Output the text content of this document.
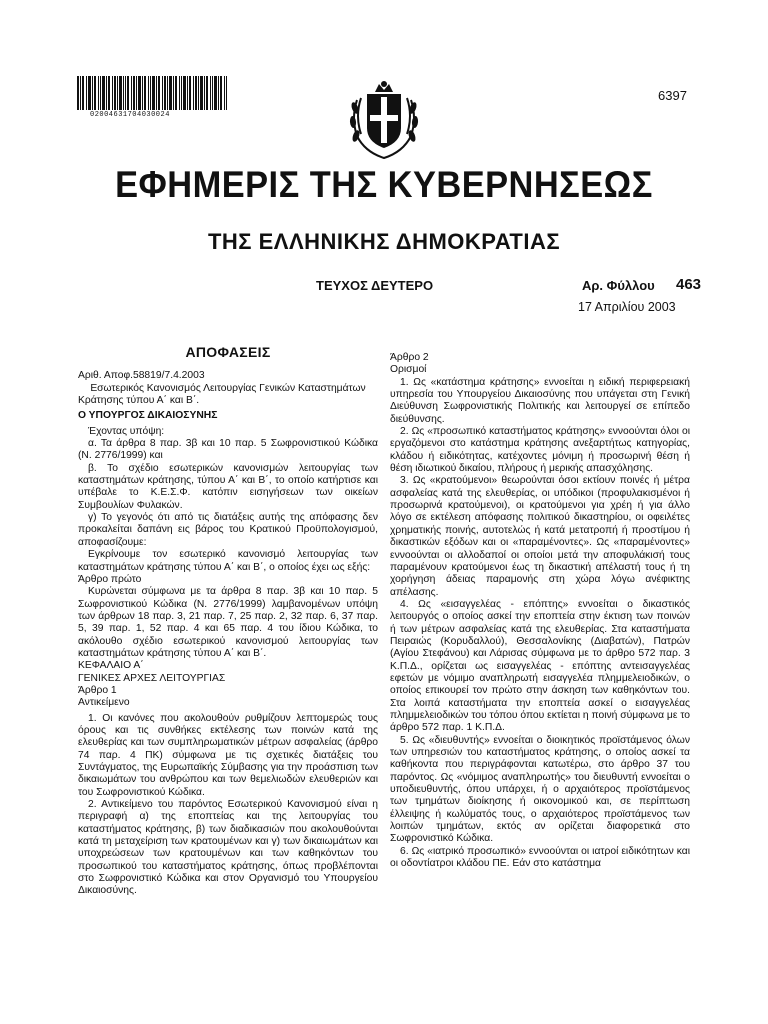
02004631704030024
6397
ΕΦΗΜΕΡΙΣ ΤΗΣ ΚΥΒΕΡΝΗΣΕΩΣ
ΤΗΣ ΕΛΛΗΝΙΚΗΣ ΔΗΜΟΚΡΑΤΙΑΣ
ΤΕΥΧΟΣ ΔΕΥΤΕΡΟ	Αρ. Φύλλου 463
17 Απριλίου 2003
ΑΠΟΦΑΣΕΙΣ

Αριθ. Αποφ.58819/7.4.2003

Εσωτερικός Κανονισμός Λειτουργίας Γενικών Καταστημάτων Κράτησης τύπου Α΄ και Β΄.

Ο ΥΠΟΥΡΓΟΣ ΔΙΚΑΙΟΣΥΝΗΣ

Έχοντας υπόψη:

α. Τα άρθρα 8 παρ. 3β και 10 παρ. 5 Σωφρονιστικού Κώδικα (Ν. 2776/1999) και

β. Το σχέδιο εσωτερικών κανονισμών λειτουργίας των καταστημάτων κράτησης, τύπου Α΄ και Β΄, το οποίο κατήρτισε και υπέβαλε το Κ.Ε.Σ.Φ. κατόπιν εισηγήσεων των οικείων Συμβουλίων Φυλακών.

γ) Το γεγονός ότι από τις διατάξεις αυτής της απόφασης δεν προκαλείται δαπάνη εις βάρος του Κρατικού Προϋπολογισμού, αποφασίζουμε:

Εγκρίνουμε τον εσωτερικό κανονισμό λειτουργίας των καταστημάτων κράτησης τύπου Α΄ και Β΄, ο οποίος έχει ως εξής:

Άρθρο πρώτο

Κυρώνεται σύμφωνα με τα άρθρα 8 παρ. 3β και 10 παρ. 5 Σωφρονιστικού Κώδικα (Ν. 2776/1999) λαμβανομένων υπόψη των άρθρων 18 παρ. 3, 21 παρ. 7, 25 παρ. 2, 32 παρ. 6, 37 παρ. 5, 39 παρ. 1, 52 παρ. 4 και 65 παρ. 4 του ίδιου Κώδικα, το ακόλουθο σχέδιο εσωτερικού κανονισμού λειτουργίας των καταστημάτων κράτησης τύπου Α΄ και Β΄.

ΚΕΦΑΛΑΙΟ Α΄

ΓΕΝΙΚΕΣ ΑΡΧΕΣ ΛΕΙΤΟΥΡΓΙΑΣ

Άρθρο 1

Αντικείμενο

1. Οι κανόνες που ακολουθούν ρυθμίζουν λεπτομερώς τους όρους και τις συνθήκες εκτέλεσης των ποινών κατά της ελευθερίας και των συμπληρωματικών μέτρων ασφαλείας (άρθρο 74 παρ. 4 ΠΚ) σύμφωνα με τις σχετικές διατάξεις του Συντάγματος, της Ευρωπαϊκής Σύμβασης για την προάσπιση των δικαιωμάτων του ανθρώπου και των θεμελιωδών ελευθεριών και του Σωφρονιστικού Κώδικα.

2. Αντικείμενο του παρόντος Εσωτερικού Κανονισμού είναι η περιγραφή α) της εποπτείας και της λειτουργίας του καταστήματος κράτησης, β) των διαδικασιών που ακολουθούνται κατά τη μεταχείριση των κρατουμένων και γ) των δικαιωμάτων και υποχρεώσεων των κρατουμένων και των καθηκόντων του προσωπικού του καταστήματος κράτησης, όπως προβλέπονται στο Σωφρονιστικό Κώδικα και στον Οργανισμό του Υπουργείου Δικαιοσύνης.

Άρθρο 2

Ορισμοί

1. Ως «κατάστημα κράτησης» εννοείται η ειδική περιφερειακή υπηρεσία του Υπουργείου Δικαιοσύνης που υπάγεται στη Γενική Διεύθυνση Σωφρονιστικής Πολιτικής και λειτουργεί σε επίπεδο διεύθυνσης.

2. Ως «προσωπικό καταστήματος κράτησης» εννοούνται όλοι οι εργαζόμενοι στο κατάστημα κράτησης ανεξαρτήτως κατηγορίας, κλάδου ή ειδικότητας, κατέχοντες μόνιμη ή προσωρινή θέση ή θέση ιδιωτικού δικαίου, πλήρους ή μερικής απασχόλησης.

3. Ως «κρατούμενοι» θεωρούνται όσοι εκτίουν ποινές ή μέτρα ασφαλείας κατά της ελευθερίας, οι υπόδικοι (προφυλακισμένοι ή προσωρινά κρατούμενοι), οι κρατούμενοι για χρέη ή για άλλο λόγο σε εκτέλεση απόφασης πολιτικού δικαστηρίου, οι οφειλέτες χρηματικής ποινής, αυτοτελώς ή κατά μετατροπή ή προστίμου ή δικαστικών εξόδων και οι «παραμένοντες». Ως «παραμένοντες» εννοούνται οι αλλοδαποί οι οποίοι μετά την αποφυλάκισή τους παραμένουν κρατούμενοι έως τη δικαστική απέλαστή τους ή τη χορήγηση άδειας παραμονής στη χώρα λόγω ανέφικτης απέλασης.

4. Ως «εισαγγελέας - επόπτης» εννοείται ο δικαστικός λειτουργός ο οποίος ασκεί την εποπτεία στην έκτιση των ποινών ή των μέτρων ασφαλείας κατά της ελευθερίας. Στα καταστήματα Πειραιώς (Κορυδαλλού), Θεσσαλονίκης (Διαβατών), Πατρών (Αγίου Στεφάνου) και Λάρισας σύμφωνα με το άρθρο 572 παρ. 3 Κ.Π.Δ., ορίζεται ως εισαγγελέας - επόπτης αντεισαγγελέας εφετών με νόμιμο αναπληρωτή εισαγγελέα πλημμελειοδικών, ο οποίος επικουρεί τον πρώτο στην άσκηση των καθηκόντων του. Στα λοιπά καταστήματα την εποπτεία ασκεί ο εισαγγελέας πλημμελειοδικών του τόπου όπου εκτίεται η ποινή σύμφωνα με το άρθρο 572 παρ. 1 Κ.Π.Δ.

5. Ως «διευθυντής» εννοείται ο διοικητικός προϊστάμενος όλων των υπηρεσιών του καταστήματος κράτησης, ο οποίος ασκεί τα καθήκοντα που περιγράφονται κατωτέρω, στο άρθρο 37 του παρόντος. Ως «νόμιμος αναπληρωτής» του διευθυντή εννοείται ο υποδιευθυντής, όπου υπάρχει, ή ο αρχαιότερος προϊστάμενος των τμημάτων διοίκησης ή οικονομικού και, σε περίπτωση έλλειψης ή κωλύματός τους, ο αρχαιότερος προϊστάμενος των λοιπών τμημάτων, εκτός αν ορίζεται διαφορετικά στο Σωφρονιστικό Κώδικα.

6. Ως «ιατρικό προσωπικό» εννοούνται οι ιατροί ειδικότητων και οι οδοντίατροι κλάδου ΠΕ. Εάν στο κατάστημα
